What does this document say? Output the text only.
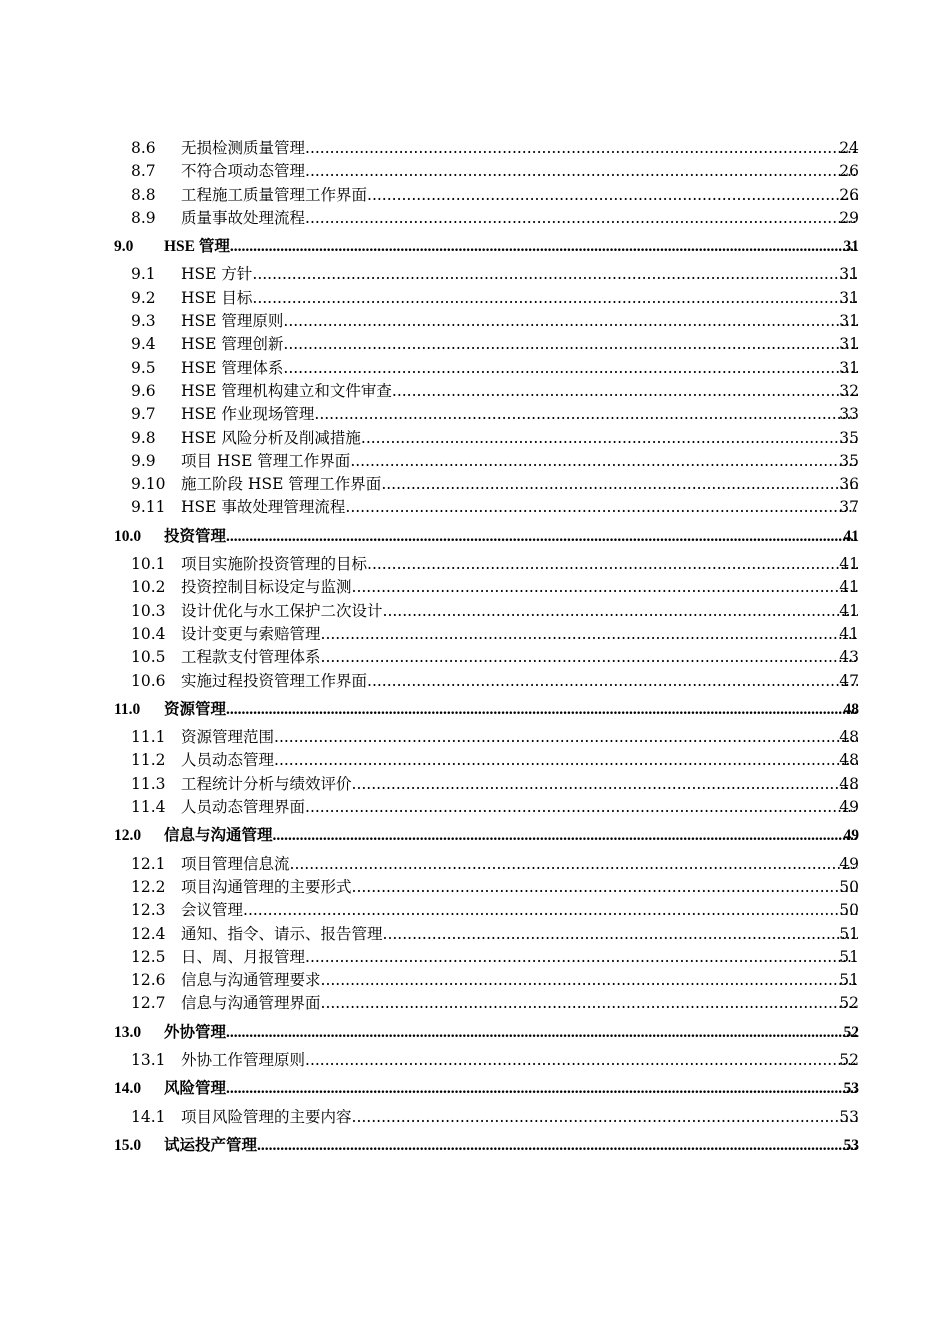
8.6 无损检测质量管理 .....	24
8.7 不符合项动态管理 .....	26
8.8 工程施工质量管理工作界面 .....	26
8.9 质量事故处理流程 .....	29
9.0 HSE 管理 .....	31
9.1 HSE 方针 .....	31
9.2 HSE 目标 .....	31
9.3 HSE 管理原则 .....	31
9.4 HSE 管理创新 .....	31
9.5 HSE 管理体系 .....	31
9.6 HSE 管理机构建立和文件审查 .....	32
9.7 HSE 作业现场管理 .....	33
9.8 HSE 风险分析及削减措施 .....	35
9.9 项目 HSE 管理工作界面 .....	35
9.10 施工阶段 HSE 管理工作界面 .....	36
9.11 HSE 事故处理管理流程 .....	37
10.0 投资管理 .....	41
10.1 项目实施阶投资管理的目标 .....	41
10.2 投资控制目标设定与监测 .....	41
10.3 设计优化与水工保护二次设计 .....	41
10.4 设计变更与索赔管理 .....	41
10.5 工程款支付管理体系 .....	43
10.6 实施过程投资管理工作界面 .....	47
11.0 资源管理 .....	48
11.1 资源管理范围 .....	48
11.2 人员动态管理 .....	48
11.3 工程统计分析与绩效评价 .....	48
11.4 人员动态管理界面 .....	49
12.0 信息与沟通管理 .....	49
12.1 项目管理信息流 .....	49
12.2 项目沟通管理的主要形式 .....	50
12.3 会议管理 .....	50
12.4 通知、指令、请示、报告管理 .....	51
12.5 日、周、月报管理 .....	51
12.6 信息与沟通管理要求 .....	51
12.7 信息与沟通管理界面 .....	52
13.0 外协管理 .....	52
13.1 外协工作管理原则 .....	52
14.0 风险管理 .....	53
14.1 项目风险管理的主要内容 .....	53
15.0 试运投产管理 .....	53
